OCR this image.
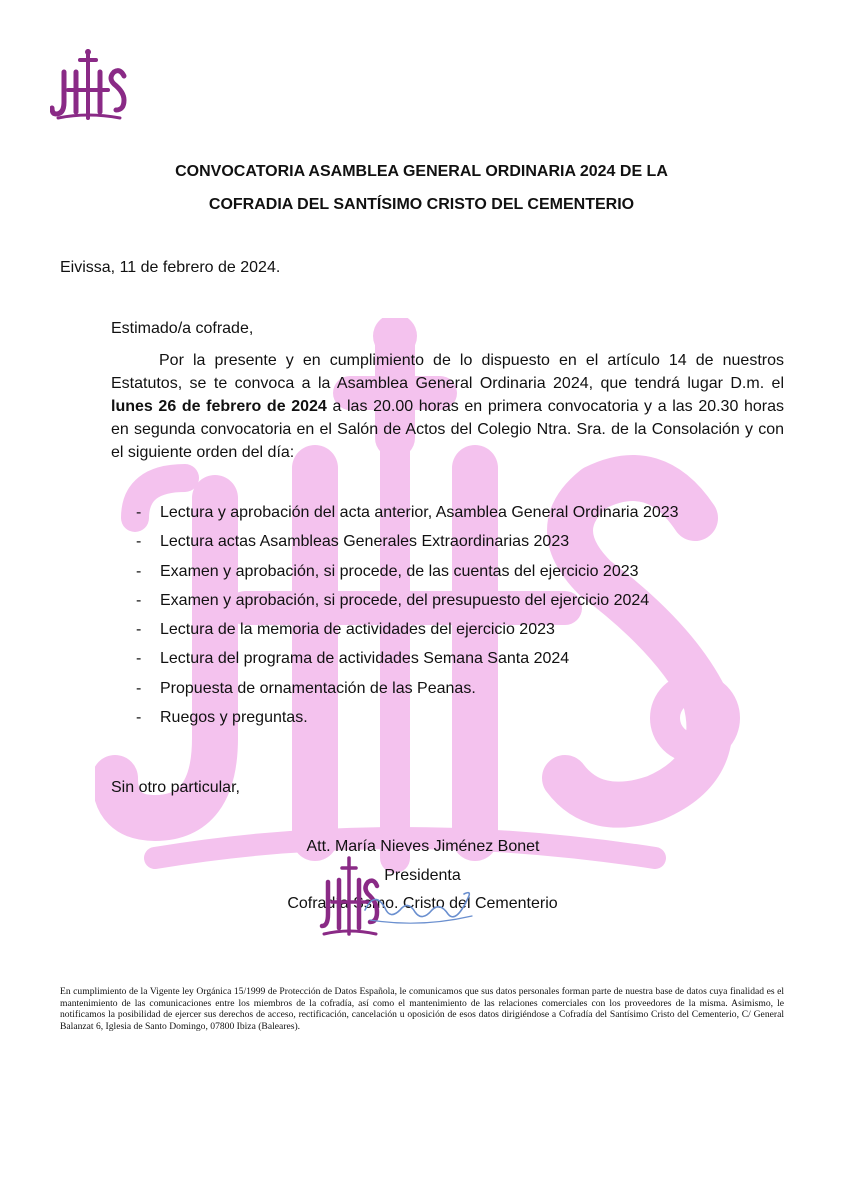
CONVOCATORIA ASAMBLEA GENERAL ORDINARIA 2024 DE LA
COFRADIA DEL SANTÍSIMO CRISTO DEL CEMENTERIO
Eivissa, 11 de febrero de 2024.
Estimado/a cofrade,
Por la presente y en cumplimiento de lo dispuesto en el artículo 14 de nuestros Estatutos, se te convoca a la Asamblea General Ordinaria 2024, que tendrá lugar D.m. el lunes 26 de febrero de 2024 a las 20.00 horas en primera convocatoria y a las 20.30 horas en segunda convocatoria en el Salón de Actos del Colegio Ntra. Sra. de la Consolación y con el siguiente orden del día:
-	Lectura y aprobación del acta anterior, Asamblea General Ordinaria 2023
-	Lectura actas Asambleas Generales Extraordinarias 2023
-	Examen y aprobación, si procede, de las cuentas del ejercicio 2023
-	Examen y aprobación, si procede, del presupuesto del ejercicio 2024
-	Lectura de la memoria de actividades del ejercicio 2023
-	Lectura del programa de actividades Semana Santa 2024
-	Propuesta de ornamentación de las Peanas.
-	Ruegos y preguntas.
Sin otro particular,
Att. María Nieves Jiménez Bonet
Presidenta
Cofradía Ssmo. Cristo del Cementerio
En cumplimiento de la Vigente ley Orgánica 15/1999 de Protección de Datos Española, le comunicamos que sus datos personales forman parte de nuestra base de datos cuya finalidad es el mantenimiento de las comunicaciones entre los miembros de la cofradía, así como el mantenimiento de las relaciones comerciales con los proveedores de la misma. Asimismo, le notificamos la posibilidad de ejercer sus derechos de acceso, rectificación, cancelación u oposición de esos datos dirigiéndose a Cofradía del Santísimo Cristo del Cementerio, C/ General Balanzat 6, Iglesia de Santo Domingo, 07800 Ibiza (Baleares).
